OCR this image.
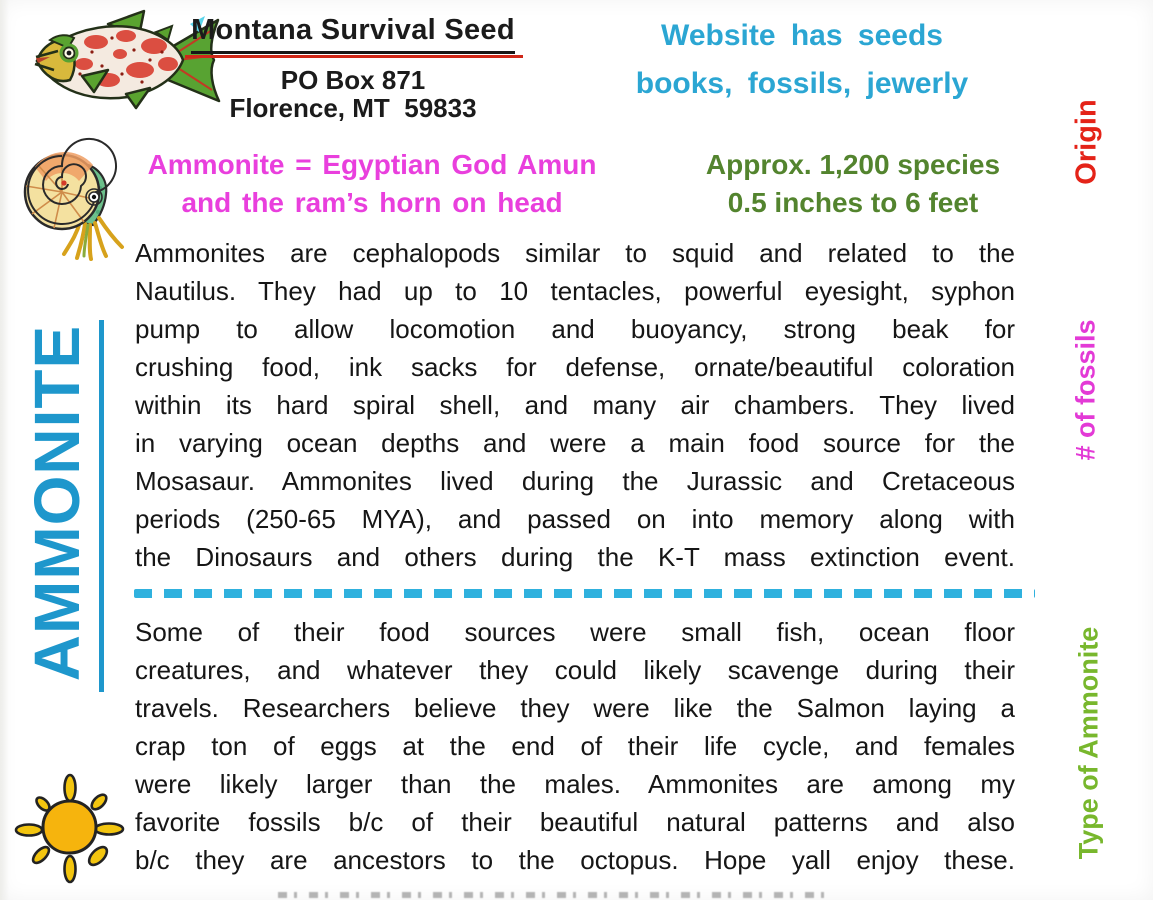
Montana Survival Seed
PO Box 871
Florence, MT  59833
Website has seeds
books, fossils, jewerly
Ammonite = Egyptian God Amun
and the ram’s horn on head
Approx. 1,200 species
0.5 inches to 6 feet
AMMONITE
Origin
# of fossils
Type of Ammonite
Ammonites are cephalopods similar to squid and related to the
Nautilus. They had up to 10 tentacles, powerful eyesight, syphon
pump to allow locomotion and buoyancy, strong beak for
crushing food, ink sacks for defense, ornate/beautiful coloration
within its hard spiral shell, and many air chambers. They lived
in varying ocean depths and were a main food source for the
Mosasaur. Ammonites lived during the Jurassic and Cretaceous
periods (250-65 MYA), and passed on into memory along with
the Dinosaurs and others during the K-T mass extinction event.
Some of their food sources were small fish, ocean floor
creatures, and whatever they could likely scavenge during their
travels. Researchers believe they were like the Salmon laying a
crap ton of eggs at the end of their life cycle, and females
were likely larger than the males. Ammonites are among my
favorite fossils b/c of their beautiful natural patterns and also
b/c they are ancestors to the octopus. Hope yall enjoy these.
